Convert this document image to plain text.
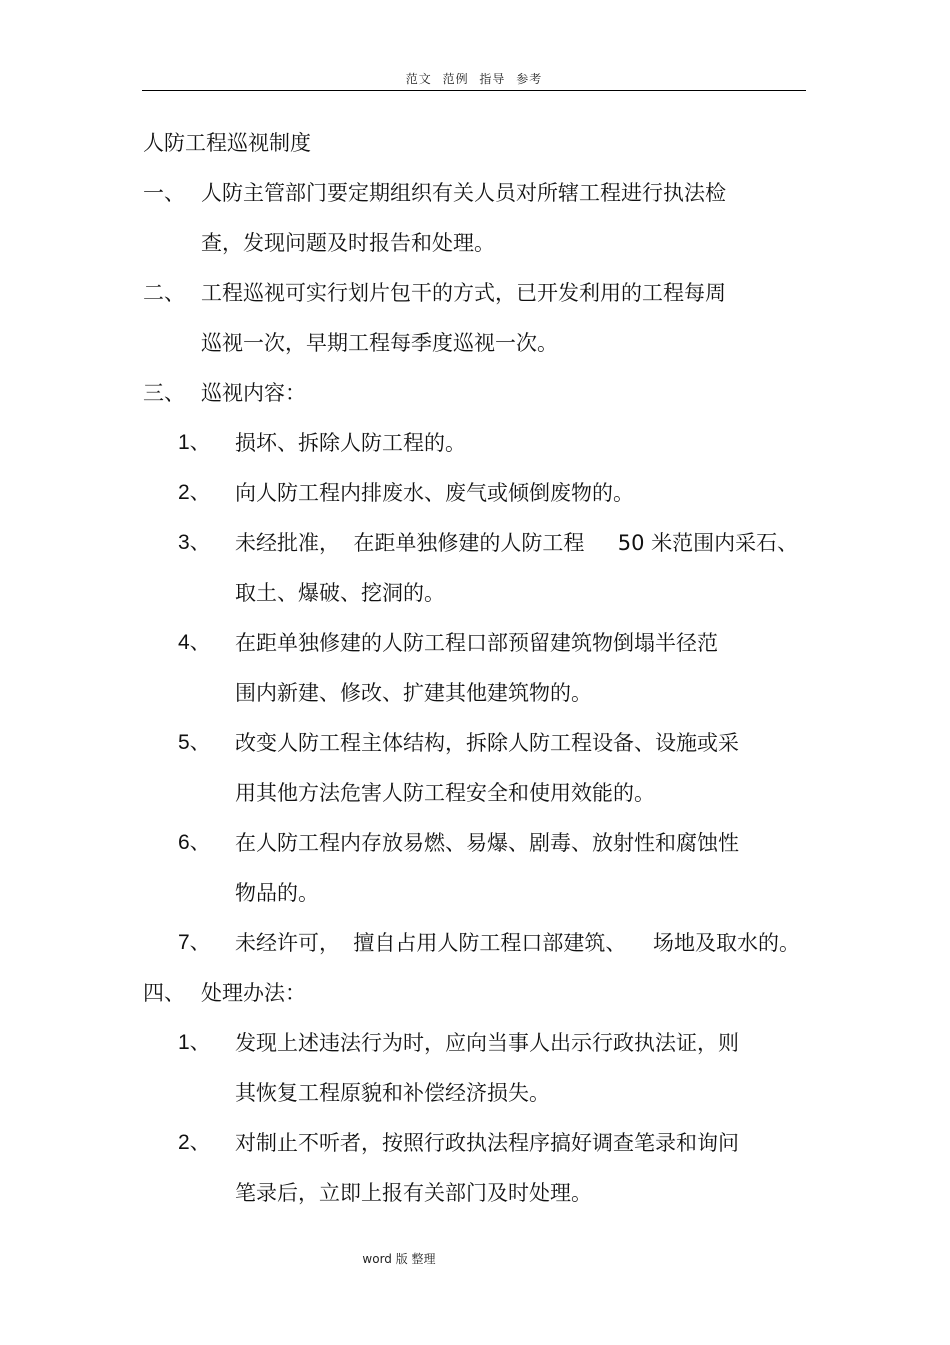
范文 范例 指导 参考
人防工程巡视制度
一、 人防主管部门要定期组织有关人员对所辖工程进行执法检
查，发现问题及时报告和处理。
二、 工程巡视可实行划片包干的方式，已开发利用的工程每周
巡视一次，早期工程每季度巡视一次。
三、 巡视内容：
1、	损坏、拆除人防工程的。
2、	向人防工程内排废水、废气或倾倒废物的。
3、	未经批准，  在距单独修建的人防工程     50 米范围内采石、
取土、爆破、挖洞的。
4、	在距单独修建的人防工程口部预留建筑物倒塌半径范
围内新建、修改、扩建其他建筑物的。
5、	改变人防工程主体结构，拆除人防工程设备、设施或采
用其他方法危害人防工程安全和使用效能的。
6、	在人防工程内存放易燃、易爆、剧毒、放射性和腐蚀性
物品的。
7、	未经许可，  擅自占用人防工程口部建筑、    场地及取水的。
四、 处理办法：
1、	发现上述违法行为时，应向当事人出示行政执法证，则
其恢复工程原貌和补偿经济损失。
2、	对制止不听者，按照行政执法程序搞好调查笔录和询问
笔录后，立即上报有关部门及时处理。
word 版 整理
